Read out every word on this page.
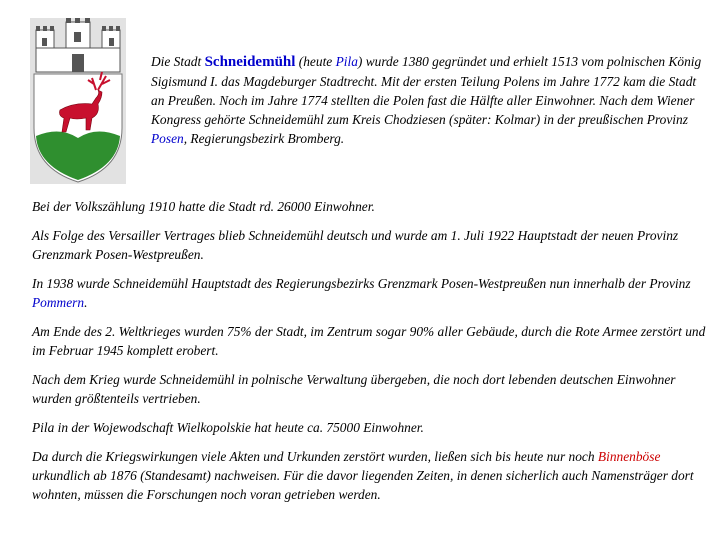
Die Stadt Schneidemühl (heute Pila) wurde 1380 gegründet und erhielt 1513 vom polnischen König Sigismund I. das Magdeburger Stadtrecht. Mit der ersten Teilung Polens im Jahre 1772 kam die Stadt an Preußen. Noch im Jahre 1774 stellten die Polen fast die Hälfte aller Einwohner. Nach dem Wiener Kongress gehörte Schneidemühl zum Kreis Chodziesen (später: Kolmar) in der preußischen Provinz Posen, Regierungsbezirk Bromberg.

Bei der Volkszählung 1910 hatte die Stadt rd. 26000 Einwohner.

Als Folge des Versailler Vertrages blieb Schneidemühl deutsch und wurde am 1. Juli 1922 Hauptstadt der neuen Provinz Grenzmark Posen-Westpreußen.

In 1938 wurde Schneidemühl Hauptstadt des Regierungsbezirks Grenzmark Posen-Westpreußen nun innerhalb der Provinz Pommern.

Am Ende des 2. Weltkrieges wurden 75% der Stadt, im Zentrum sogar 90% aller Gebäude, durch die Rote Armee zerstört und im Februar 1945 komplett erobert.

Nach dem Krieg wurde Schneidemühl in polnische Verwaltung übergeben, die noch dort lebenden deutschen Einwohner wurden größtenteils vertrieben.

Pila in der Wojewodschaft Wielkopolskie hat heute ca. 75000 Einwohner.

Da durch die Kriegswirkungen viele Akten und Urkunden zerstört wurden, ließen sich bis heute nur noch Binnenböse urkundlich ab 1876 (Standesamt) nachweisen. Für die davor liegenden Zeiten, in denen sicherlich auch Namensträger dort wohnten, müssen die Forschungen noch voran getrieben werden.
